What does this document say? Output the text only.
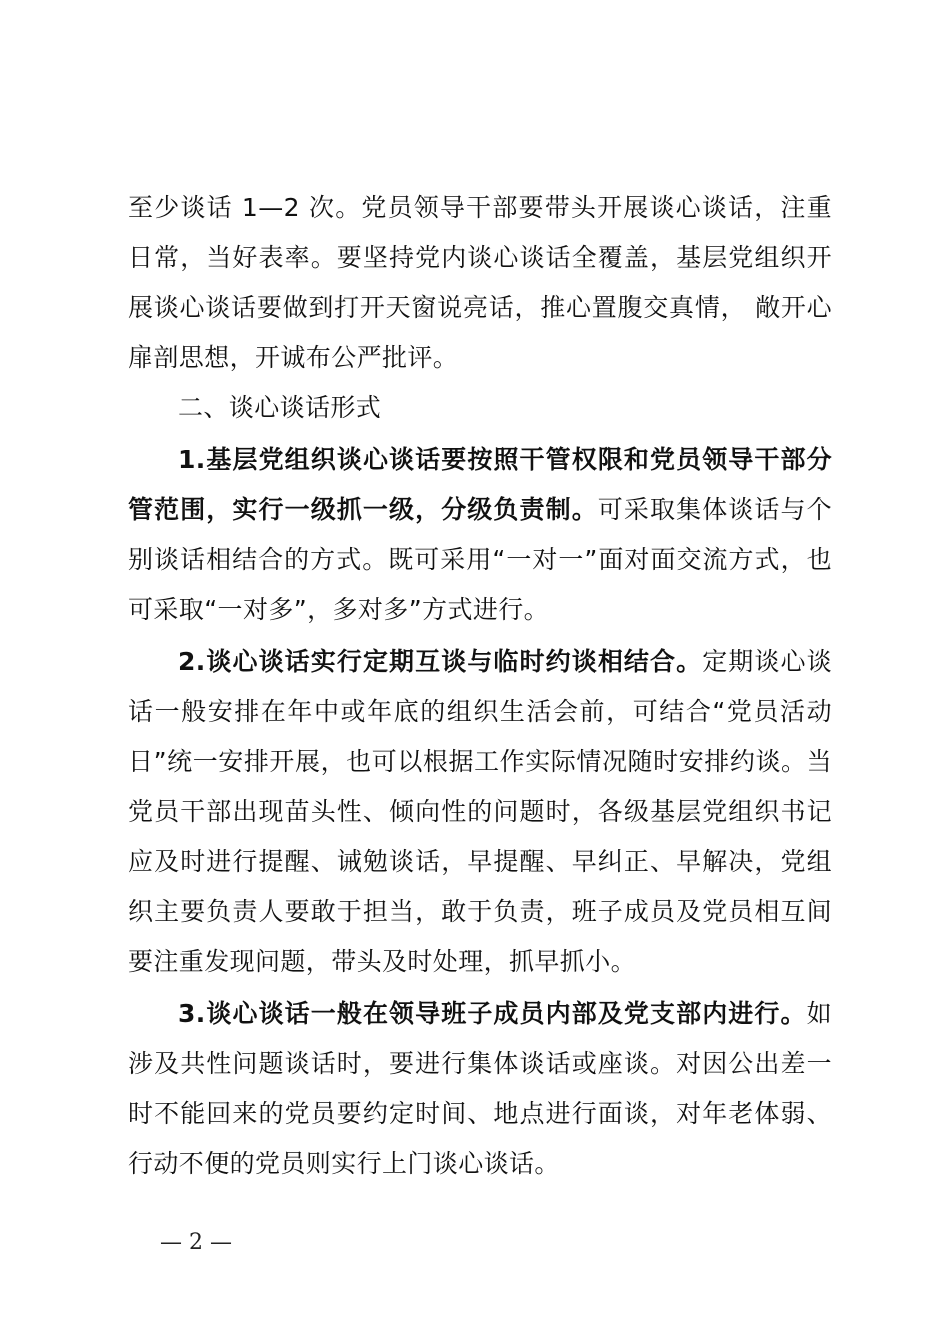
至少谈话 1—2 次。党员领导干部要带头开展谈心谈话，注重日常，当好表率。要坚持党内谈心谈话全覆盖，基层党组织开展谈心谈话要做到打开天窗说亮话，推心置腹交真情， 敞开心扉剖思想，开诚布公严批评。

二、谈心谈话形式

1.基层党组织谈心谈话要按照干管权限和党员领导干部分管范围，实行一级抓一级，分级负责制。可采取集体谈话与个别谈话相结合的方式。既可采用“一对一”面对面交流方式，也可采取“一对多”，多对多”方式进行。

2.谈心谈话实行定期互谈与临时约谈相结合。定期谈心谈话一般安排在年中或年底的组织生活会前，可结合“党员活动日”统一安排开展，也可以根据工作实际情况随时安排约谈。当党员干部出现苗头性、倾向性的问题时，各级基层党组织书记应及时进行提醒、诫勉谈话，早提醒、早纠正、早解决，党组织主要负责人要敢于担当，敢于负责，班子成员及党员相互间要注重发现问题，带头及时处理，抓早抓小。

3.谈心谈话一般在领导班子成员内部及党支部内进行。如涉及共性问题谈话时，要进行集体谈话或座谈。对因公出差一时不能回来的党员要约定时间、地点进行面谈，对年老体弱、行动不便的党员则实行上门谈心谈话。

— 2 —
